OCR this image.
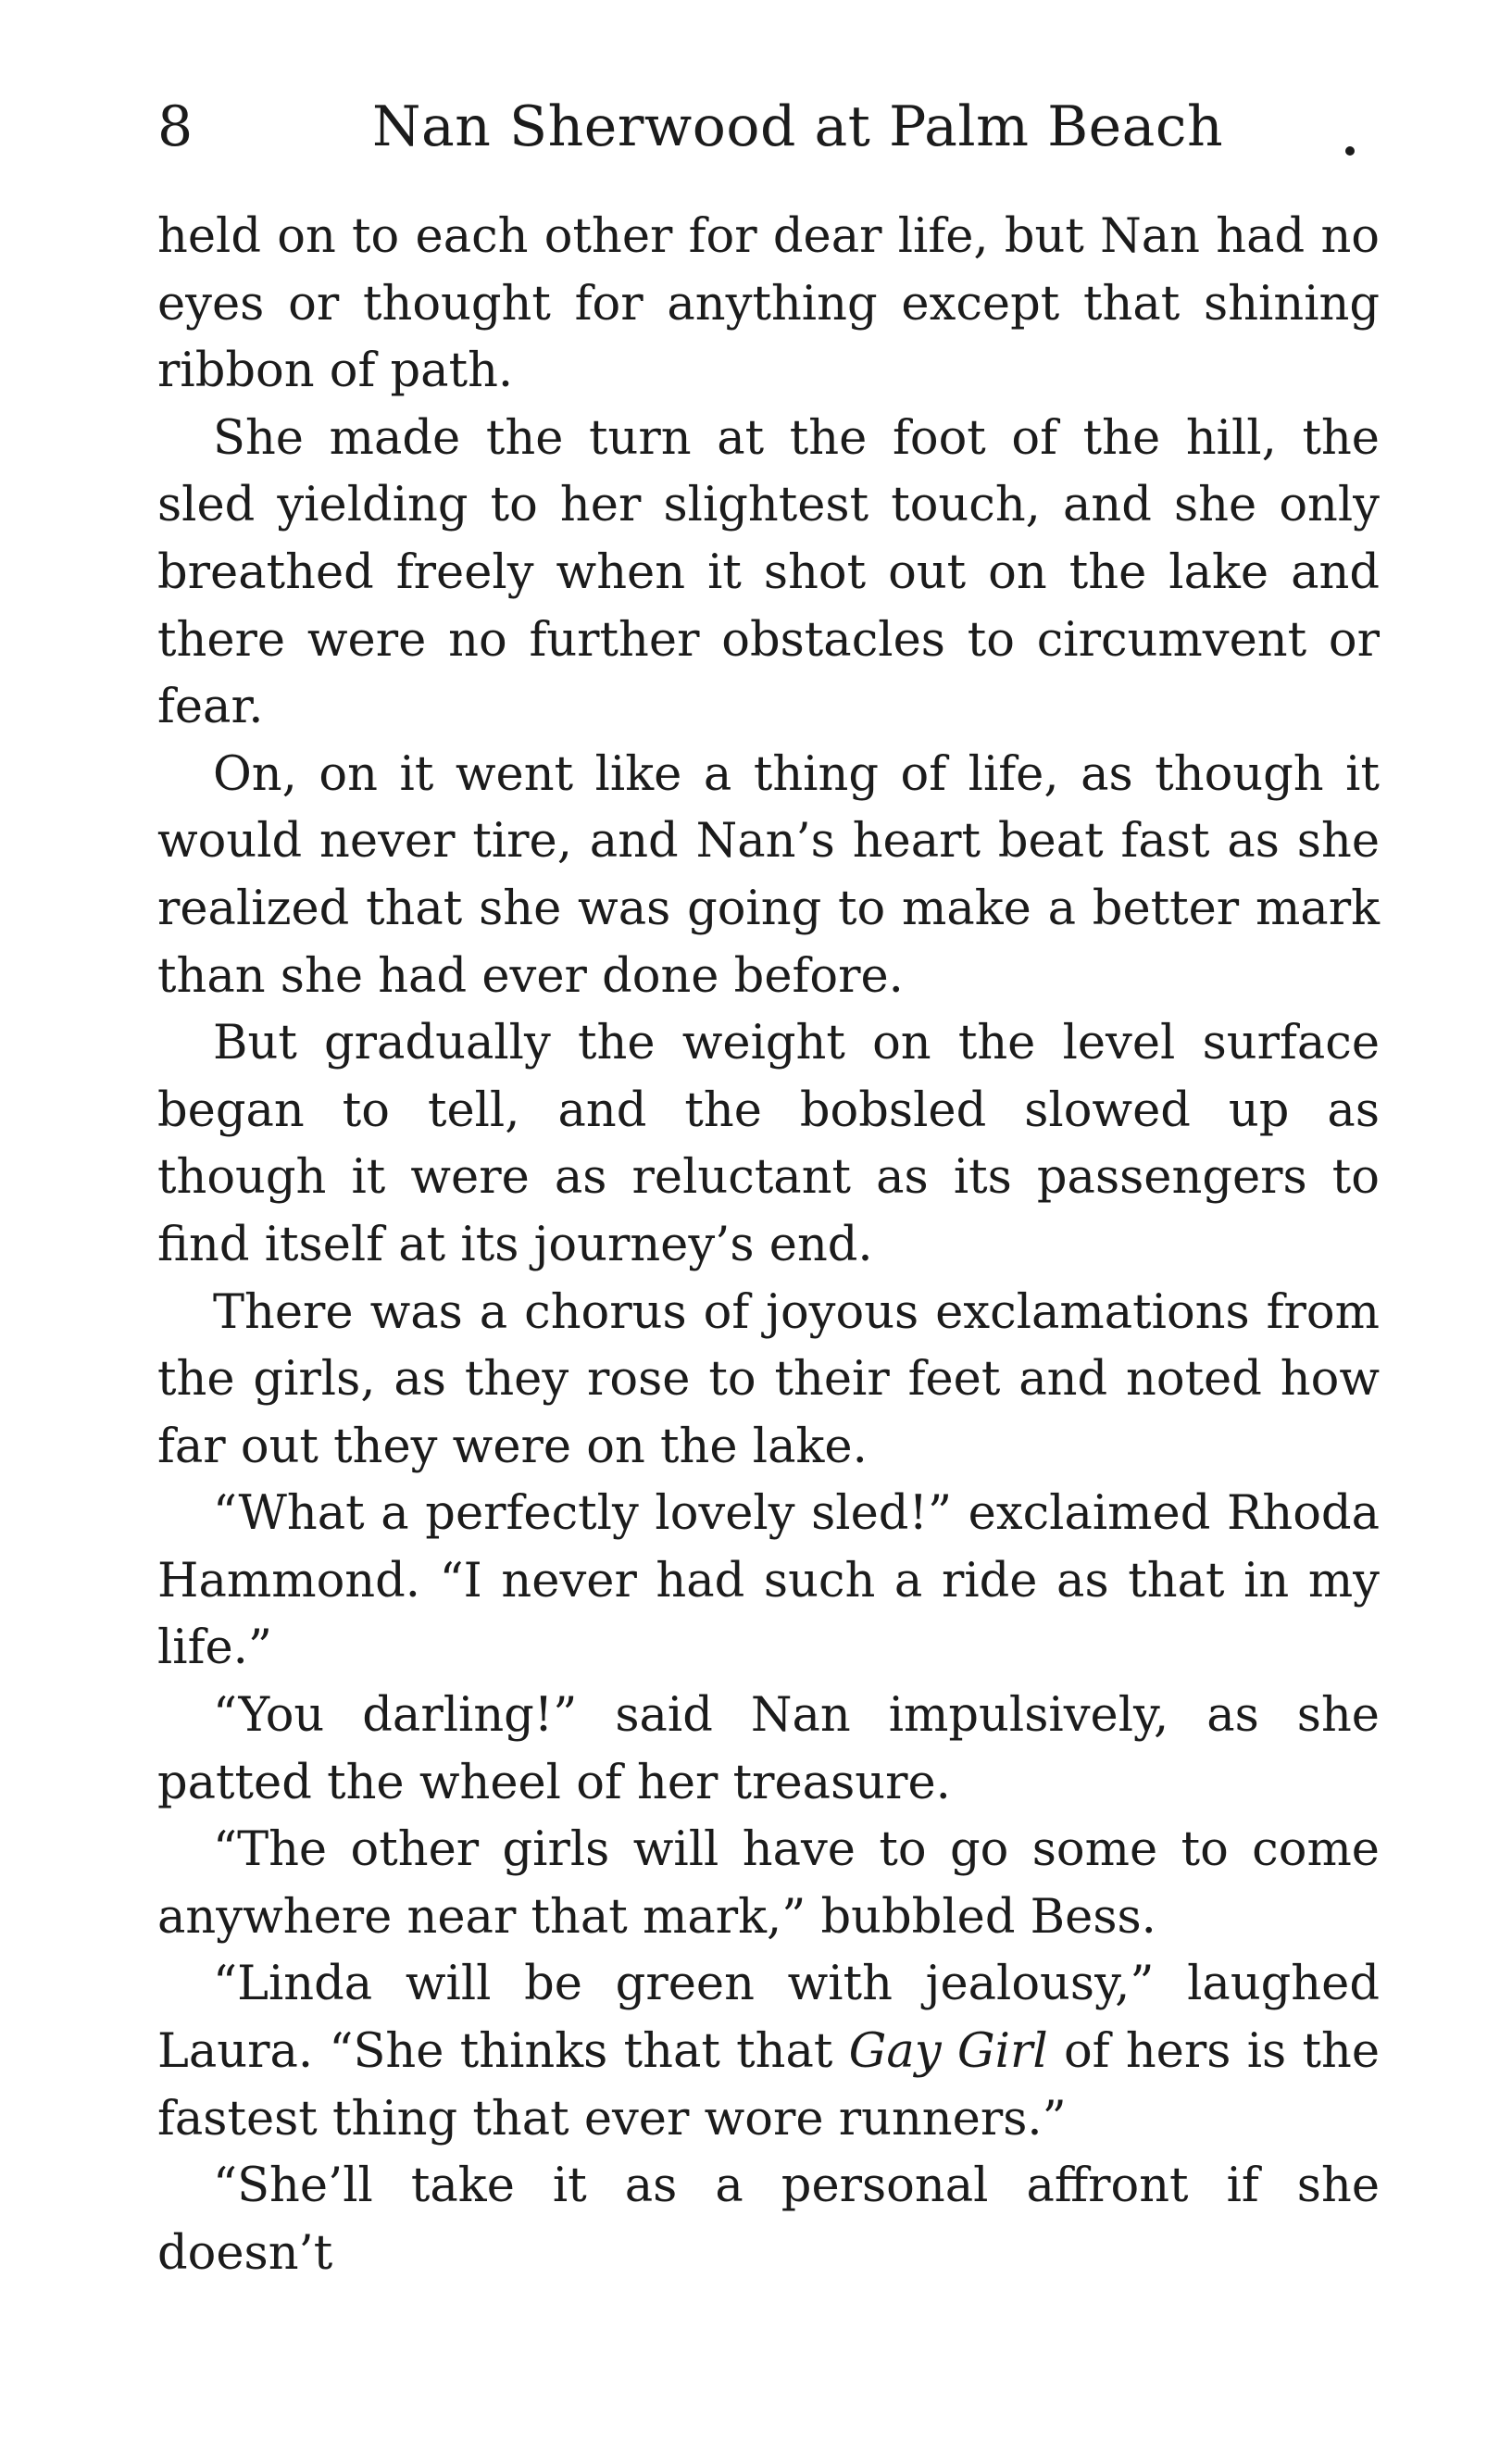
8	Nan Sherwood at Palm Beach

held on to each other for dear life, but Nan had no eyes or thought for anything except that shining ribbon of path.

She made the turn at the foot of the hill, the sled yielding to her slightest touch, and she only breathed freely when it shot out on the lake and there were no further obstacles to circumvent or fear.

On, on it went like a thing of life, as though it would never tire, and Nan’s heart beat fast as she realized that she was going to make a better mark than she had ever done before.

But gradually the weight on the level surface began to tell, and the bobsled slowed up as though it were as reluctant as its passengers to find itself at its journey’s end.

There was a chorus of joyous exclamations from the girls, as they rose to their feet and noted how far out they were on the lake.

“What a perfectly lovely sled!” exclaimed Rhoda Hammond. “I never had such a ride as that in my life.”

“You darling!” said Nan impulsively, as she patted the wheel of her treasure.

“The other girls will have to go some to come anywhere near that mark,” bubbled Bess.

“Linda will be green with jealousy,” laughed Laura. “She thinks that that Gay Girl of hers is the fastest thing that ever wore runners.”

“She’ll take it as a personal affront if she doesn’t
